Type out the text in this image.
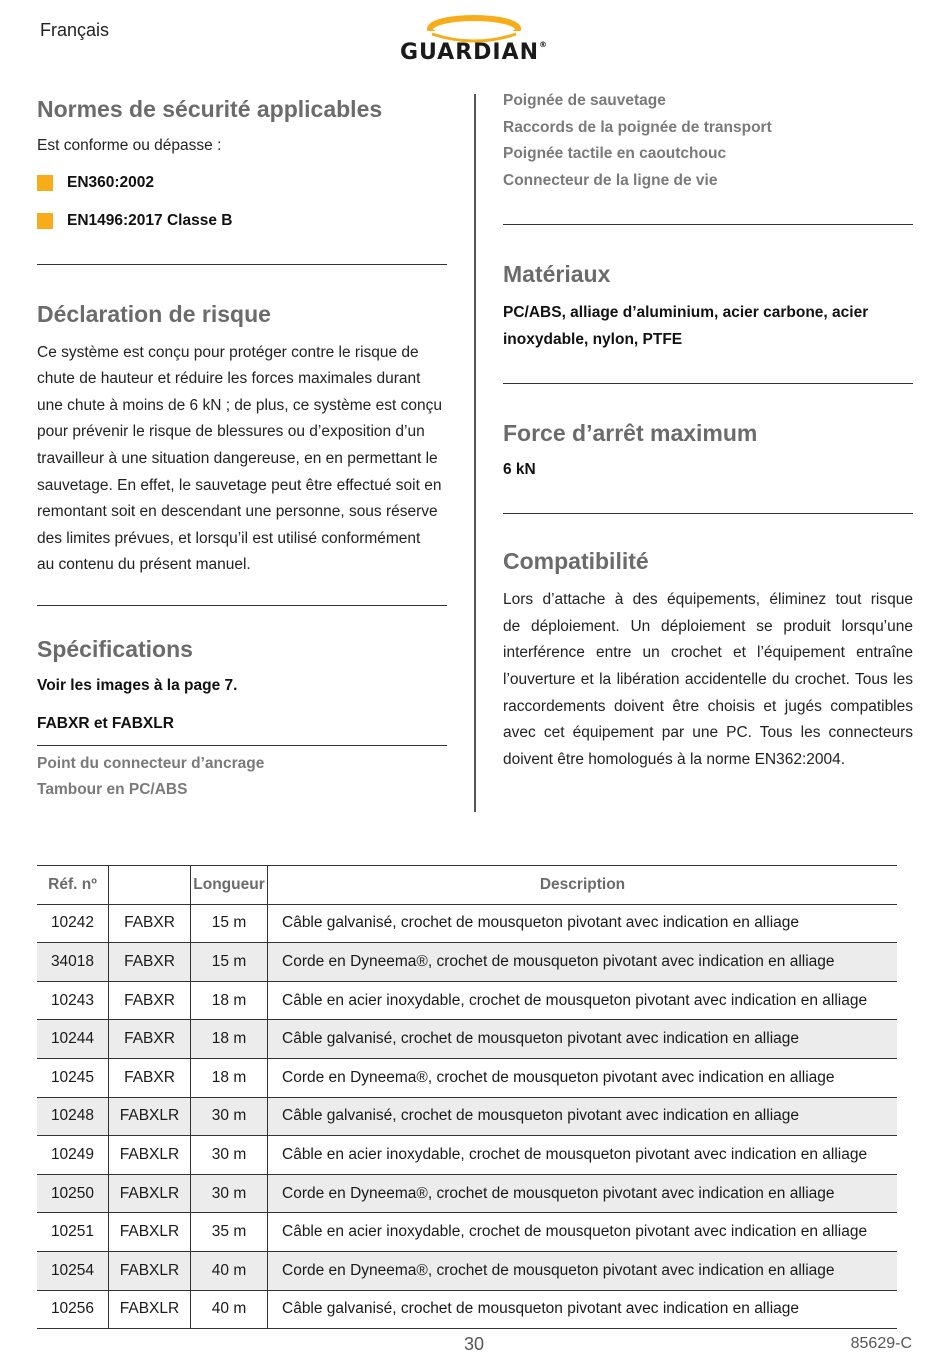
Français
GUARDIAN®
Normes de sécurité applicables
Est conforme ou dépasse :
EN360:2002
EN1496:2017 Classe B
Déclaration de risque
Ce système est conçu pour protéger contre le risque de
chute de hauteur et réduire les forces maximales durant
une chute à moins de 6 kN ; de plus, ce système est conçu
pour prévenir le risque de blessures ou d’exposition d’un
travailleur à une situation dangereuse, en en permettant le
sauvetage. En effet, le sauvetage peut être effectué soit en
remontant soit en descendant une personne, sous réserve
des limites prévues, et lorsqu’il est utilisé conformément
au contenu du présent manuel.
Spécifications
Voir les images à la page 7.
FABXR et FABXLR
Point du connecteur d’ancrage
Tambour en PC/ABS
Poignée de sauvetage
Raccords de la poignée de transport
Poignée tactile en caoutchouc
Connecteur de la ligne de vie
Matériaux
PC/ABS, alliage d’aluminium, acier carbone, acier
inoxydable, nylon, PTFE
Force d’arrêt maximum
6 kN
Compatibilité
Lors d’attache à des équipements, éliminez tout risque
de déploiement. Un déploiement se produit lorsqu’une
interférence entre un crochet et l’équipement entraîne
l’ouverture et la libération accidentelle du crochet. Tous les
raccordements doivent être choisis et jugés compatibles
avec cet équipement par une PC. Tous les connecteurs
doivent être homologués à la norme EN362:2004.
Réf. nº		Longueur	Description
10242	FABXR	15 m	Câble galvanisé, crochet de mousqueton pivotant avec indication en alliage
34018	FABXR	15 m	Corde en Dyneema®, crochet de mousqueton pivotant avec indication en alliage
10243	FABXR	18 m	Câble en acier inoxydable, crochet de mousqueton pivotant avec indication en alliage
10244	FABXR	18 m	Câble galvanisé, crochet de mousqueton pivotant avec indication en alliage
10245	FABXR	18 m	Corde en Dyneema®, crochet de mousqueton pivotant avec indication en alliage
10248	FABXLR	30 m	Câble galvanisé, crochet de mousqueton pivotant avec indication en alliage
10249	FABXLR	30 m	Câble en acier inoxydable, crochet de mousqueton pivotant avec indication en alliage
10250	FABXLR	30 m	Corde en Dyneema®, crochet de mousqueton pivotant avec indication en alliage
10251	FABXLR	35 m	Câble en acier inoxydable, crochet de mousqueton pivotant avec indication en alliage
10254	FABXLR	40 m	Corde en Dyneema®, crochet de mousqueton pivotant avec indication en alliage
10256	FABXLR	40 m	Câble galvanisé, crochet de mousqueton pivotant avec indication en alliage
30	85629-C
